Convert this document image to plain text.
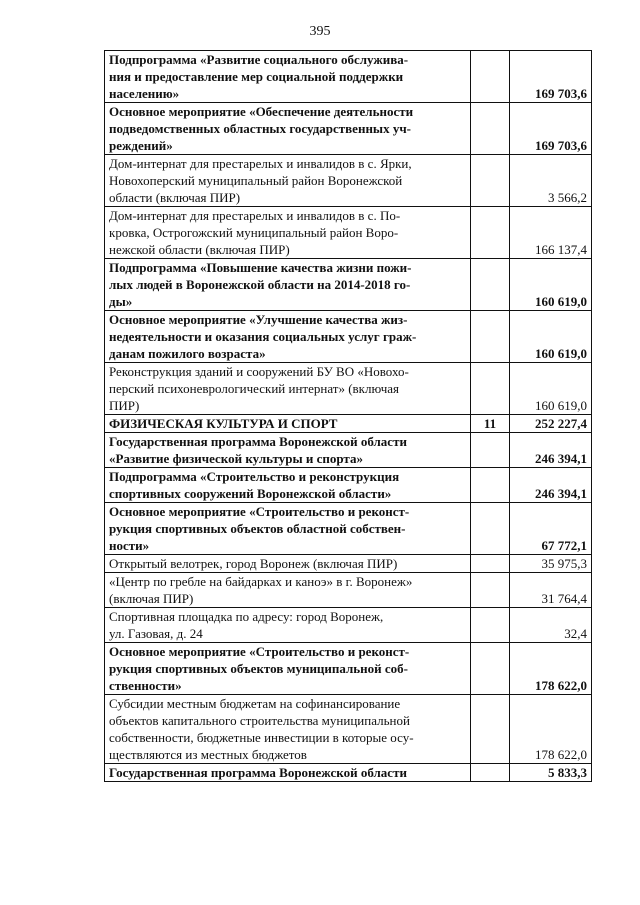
395
Подпрограмма «Развитие социального обслужива-
ния и предоставление мер социальной поддержки
населению»		169 703,6
Основное мероприятие «Обеспечение деятельности
подведомственных областных государственных уч-
реждений»		169 703,6
Дом-интернат для престарелых и инвалидов в с. Ярки,
Новохоперский муниципальный район Воронежской
области (включая ПИР)		3 566,2
Дом-интернат для престарелых и инвалидов в с. По-
кровка, Острогожский муниципальный район Воро-
нежской области (включая ПИР)		166 137,4
Подпрограмма «Повышение качества жизни пожи-
лых людей в Воронежской области на 2014-2018 го-
ды»		160 619,0
Основное мероприятие «Улучшение качества жиз-
недеятельности и оказания социальных услуг граж-
данам пожилого возраста»		160 619,0
Реконструкция зданий и сооружений БУ ВО «Новохо-
перский психоневрологический интернат» (включая
ПИР)		160 619,0
ФИЗИЧЕСКАЯ КУЛЬТУРА И СПОРТ	11	252 227,4
Государственная программа Воронежской области
«Развитие физической культуры и спорта»		246 394,1
Подпрограмма «Строительство и реконструкция
спортивных сооружений Воронежской области»		246 394,1
Основное мероприятие «Строительство и реконст-
рукция спортивных объектов областной собствен-
ности»		67 772,1
Открытый велотрек, город Воронеж (включая ПИР)		35 975,3
«Центр по гребле на байдарках и каноэ» в г. Воронеж»
(включая ПИР)		31 764,4
Спортивная площадка по адресу: город Воронеж,
ул. Газовая, д. 24		32,4
Основное мероприятие «Строительство и реконст-
рукция спортивных объектов муниципальной соб-
ственности»		178 622,0
Субсидии местным бюджетам на софинансирование
объектов капитального строительства муниципальной
собственности, бюджетные инвестиции в которые осу-
ществляются из местных бюджетов		178 622,0
Государственная программа Воронежской области		5 833,3
